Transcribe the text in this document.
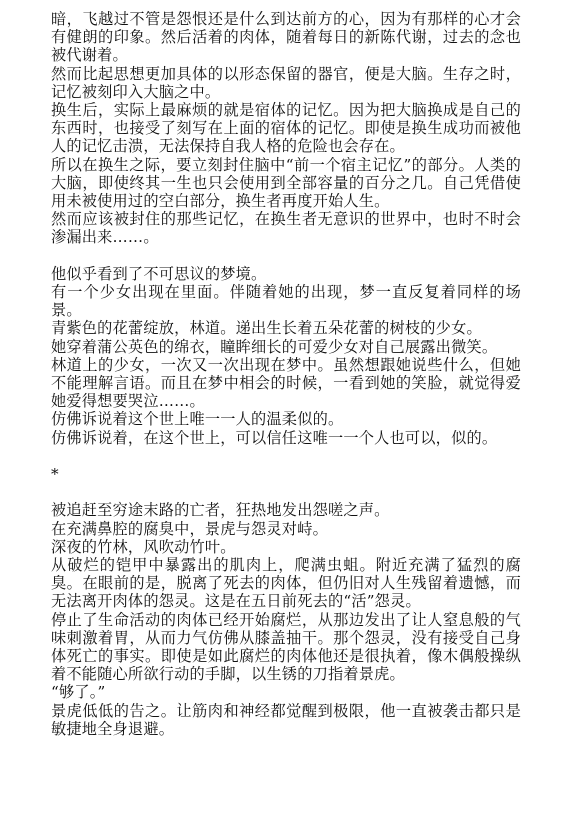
暗，飞越过不管是怨恨还是什么到达前方的心，因为有那样的心才会有健朗的印象。然后活着的肉体，随着每日的新陈代谢，过去的念也被代谢着。

然而比起思想更加具体的以形态保留的器官，便是大脑。生存之时，记忆被刻印入大脑之中。

换生后，实际上最麻烦的就是宿体的记忆。因为把大脑换成是自己的东西时，也接受了刻写在上面的宿体的记忆。即使是换生成功而被他人的记忆击溃，无法保持自我人格的危险也会存在。

所以在换生之际，要立刻封住脑中“前一个宿主记忆”的部分。人类的大脑，即使终其一生也只会使用到全部容量的百分之几。自己凭借使用未被使用过的空白部分，换生者再度开始人生。

然而应该被封住的那些记忆，在换生者无意识的世界中，也时不时会渗漏出来……。

他似乎看到了不可思议的梦境。

有一个少女出现在里面。伴随着她的出现，梦一直反复着同样的场景。

青紫色的花蕾绽放，林道。递出生长着五朵花蕾的树枝的少女。

她穿着蒲公英色的绵衣，瞳眸细长的可爱少女对自己展露出微笑。

林道上的少女，一次又一次出现在梦中。虽然想跟她说些什么，但她不能理解言语。而且在梦中相会的时候，一看到她的笑脸，就觉得爱她爱得想要哭泣……。

仿佛诉说着这个世上唯一一人的温柔似的。

仿佛诉说着，在这个世上，可以信任这唯一一个人也可以，似的。

*

被追赶至穷途末路的亡者，狂热地发出怨嗟之声。

在充满鼻腔的腐臭中，景虎与怨灵对峙。

深夜的竹林，风吹动竹叶。

从破烂的铠甲中暴露出的肌肉上，爬满虫蛆。附近充满了猛烈的腐臭。在眼前的是，脱离了死去的肉体，但仍旧对人生残留着遗憾，而无法离开肉体的怨灵。这是在五日前死去的“活”怨灵。

停止了生命活动的肉体已经开始腐烂，从那边发出了让人窒息般的气味刺激着胃，从而力气仿佛从膝盖抽干。那个怨灵，没有接受自己身体死亡的事实。即使是如此腐烂的肉体他还是很执着，像木偶般操纵着不能随心所欲行动的手脚，以生锈的刀指着景虎。

“够了。”

景虎低低的告之。让筋肉和神经都觉醒到极限，他一直被袭击都只是敏捷地全身退避。
